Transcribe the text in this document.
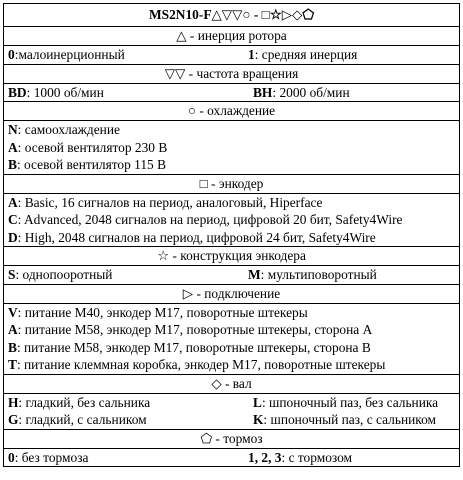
MS2N10-F△▽▽○ - □☆▷◇⬠
△ - инерция ротора

0:малоинерционный	1: средняя инерция

▽▽ - частота вращения

BD: 1000 об/мин	BH: 2000 об/мин

○ - охлаждение

N: самоохлаждение
A: осевой вентилятор 230 В
B: осевой вентилятор 115 В

□ - энкодер

A: Basic, 16 сигналов на период, аналоговый, Hiperface
C: Advanced, 2048 сигналов на период, цифровой 20 бит, Safety4Wire
D: High, 2048 сигналов на период, цифровой 24 бит, Safety4Wire

☆ - конструкция энкодера

S: однопооротный	M: мультиповоротный

▷ - подключение

V: питание M40, энкодер M17, поворотные штекеры
A: питание M58, энкодер M17, поворотные штекеры, сторона A
B: питание M58, энкодер M17, поворотные штекеры, сторона B
T: питание клеммная коробка, энкодер M17, поворотные штекеры

◇ - вал

H: гладкий, без сальника	L: шпоночный паз, без сальника
G: гладкий, с сальником	K: шпоночный паз, с сальником

⬠ - тормоз

0: без тормоза	1, 2, 3: с тормозом
